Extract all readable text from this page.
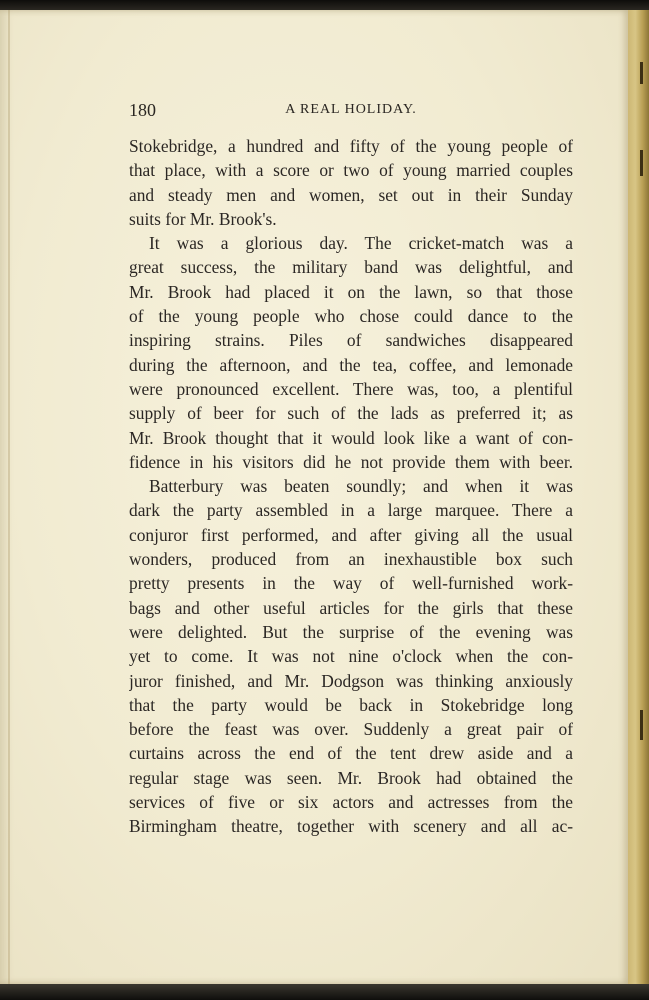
180	A REAL HOLIDAY.
Stokebridge, a hundred and fifty of the young people of
that place, with a score or two of young married couples
and steady men and women, set out in their Sunday
suits for Mr. Brook's.
It was a glorious day. The cricket-match was a
great success, the military band was delightful, and
Mr. Brook had placed it on the lawn, so that those
of the young people who chose could dance to the
inspiring strains. Piles of sandwiches disappeared
during the afternoon, and the tea, coffee, and lemonade
were pronounced excellent. There was, too, a plentiful
supply of beer for such of the lads as preferred it; as
Mr. Brook thought that it would look like a want of con-
fidence in his visitors did he not provide them with beer.
Batterbury was beaten soundly; and when it was
dark the party assembled in a large marquee. There a
conjuror first performed, and after giving all the usual
wonders, produced from an inexhaustible box such
pretty presents in the way of well-furnished work-
bags and other useful articles for the girls that these
were delighted. But the surprise of the evening was
yet to come. It was not nine o'clock when the con-
juror finished, and Mr. Dodgson was thinking anxiously
that the party would be back in Stokebridge long
before the feast was over. Suddenly a great pair of
curtains across the end of the tent drew aside and a
regular stage was seen. Mr. Brook had obtained the
services of five or six actors and actresses from the
Birmingham theatre, together with scenery and all ac-
